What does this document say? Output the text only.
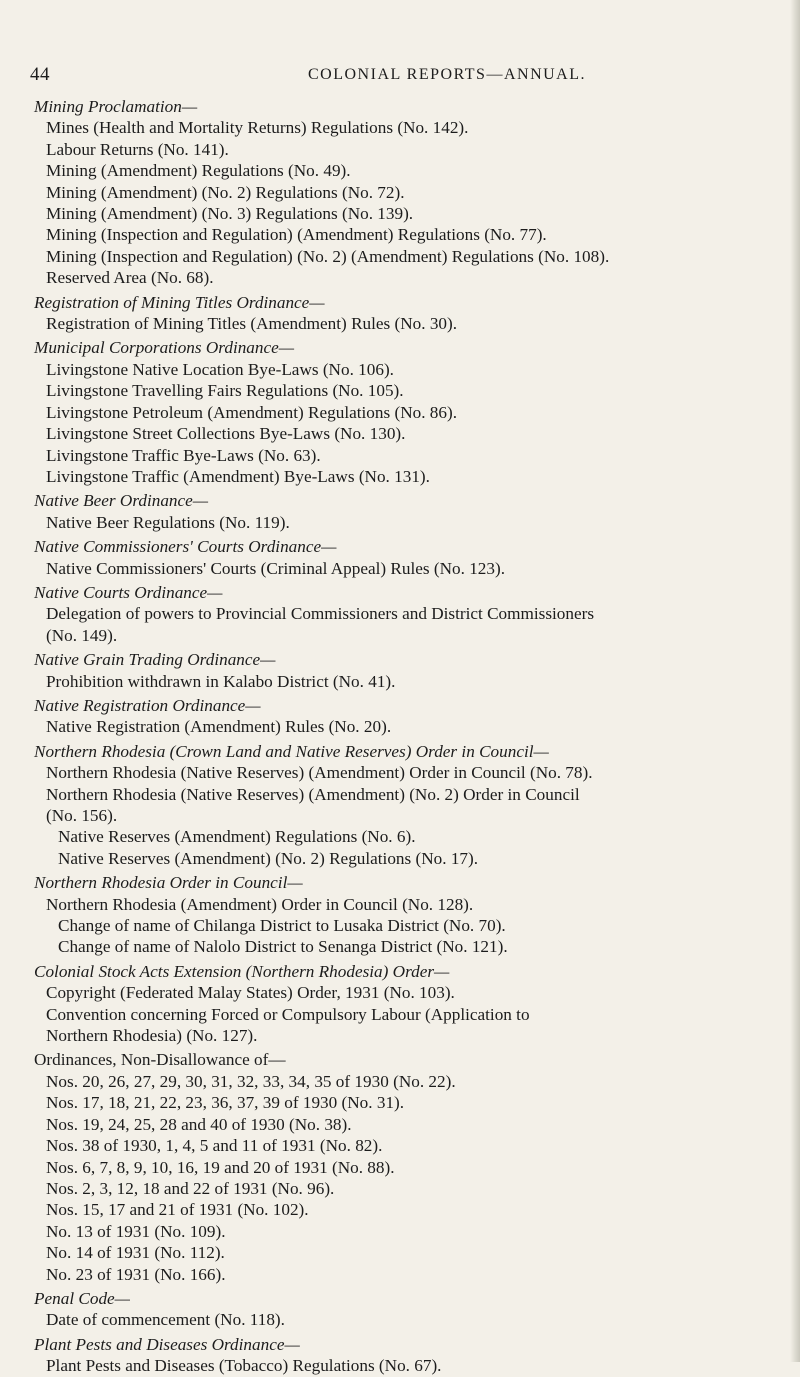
44	COLONIAL REPORTS—ANNUAL.
Mining Proclamation—
Mines (Health and Mortality Returns) Regulations (No. 142).
Labour Returns (No. 141).
Mining (Amendment) Regulations (No. 49).
Mining (Amendment) (No. 2) Regulations (No. 72).
Mining (Amendment) (No. 3) Regulations (No. 139).
Mining (Inspection and Regulation) (Amendment) Regulations (No. 77).
Mining (Inspection and Regulation) (No. 2) (Amendment) Regulations (No. 108).
Reserved Area (No. 68).
Registration of Mining Titles Ordinance—
Registration of Mining Titles (Amendment) Rules (No. 30).
Municipal Corporations Ordinance—
Livingstone Native Location Bye-Laws (No. 106).
Livingstone Travelling Fairs Regulations (No. 105).
Livingstone Petroleum (Amendment) Regulations (No. 86).
Livingstone Street Collections Bye-Laws (No. 130).
Livingstone Traffic Bye-Laws (No. 63).
Livingstone Traffic (Amendment) Bye-Laws (No. 131).
Native Beer Ordinance—
Native Beer Regulations (No. 119).
Native Commissioners' Courts Ordinance—
Native Commissioners' Courts (Criminal Appeal) Rules (No. 123).
Native Courts Ordinance—
Delegation of powers to Provincial Commissioners and District Commissioners
(No. 149).
Native Grain Trading Ordinance—
Prohibition withdrawn in Kalabo District (No. 41).
Native Registration Ordinance—
Native Registration (Amendment) Rules (No. 20).
Northern Rhodesia (Crown Land and Native Reserves) Order in Council—
Northern Rhodesia (Native Reserves) (Amendment) Order in Council (No. 78).
Northern Rhodesia (Native Reserves) (Amendment) (No. 2) Order in Council
(No. 156).
Native Reserves (Amendment) Regulations (No. 6).
Native Reserves (Amendment) (No. 2) Regulations (No. 17).
Northern Rhodesia Order in Council—
Northern Rhodesia (Amendment) Order in Council (No. 128).
Change of name of Chilanga District to Lusaka District (No. 70).
Change of name of Nalolo District to Senanga District (No. 121).
Colonial Stock Acts Extension (Northern Rhodesia) Order—
Copyright (Federated Malay States) Order, 1931 (No. 103).
Convention concerning Forced or Compulsory Labour (Application to
Northern Rhodesia) (No. 127).
Ordinances, Non-Disallowance of—
Nos. 20, 26, 27, 29, 30, 31, 32, 33, 34, 35 of 1930 (No. 22).
Nos. 17, 18, 21, 22, 23, 36, 37, 39 of 1930 (No. 31).
Nos. 19, 24, 25, 28 and 40 of 1930 (No. 38).
Nos. 38 of 1930, 1, 4, 5 and 11 of 1931 (No. 82).
Nos. 6, 7, 8, 9, 10, 16, 19 and 20 of 1931 (No. 88).
Nos. 2, 3, 12, 18 and 22 of 1931 (No. 96).
Nos. 15, 17 and 21 of 1931 (No. 102).
No. 13 of 1931 (No. 109).
No. 14 of 1931 (No. 112).
No. 23 of 1931 (No. 166).
Penal Code—
Date of commencement (No. 118).
Plant Pests and Diseases Ordinance—
Plant Pests and Diseases (Tobacco) Regulations (No. 67).
